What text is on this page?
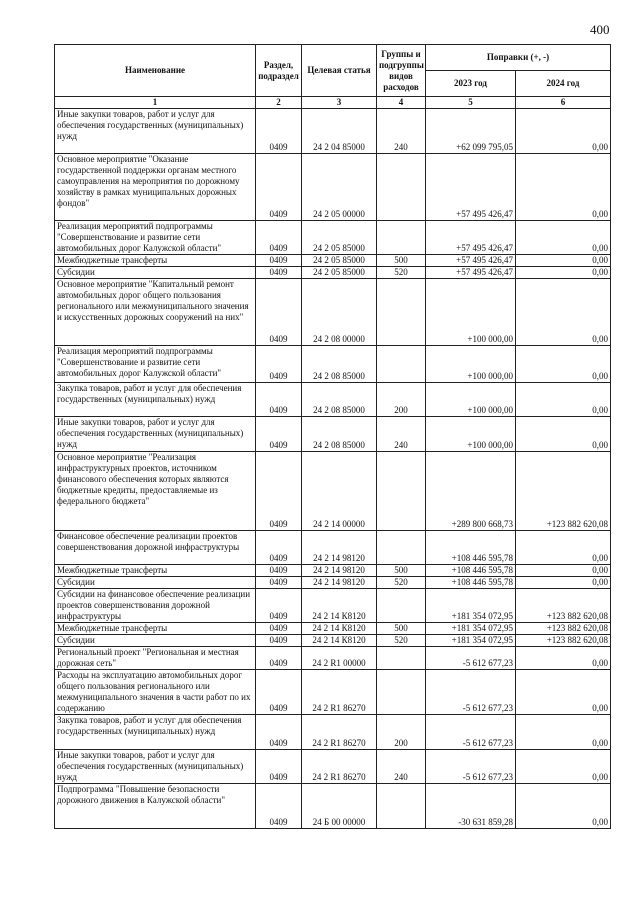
400
Наименование	Раздел, подраздел	Целевая статья	Группы и подгруппы видов расходов	Поправки (+, -)	
				2023 год	2024 год
1	2	3	4	5	6
Иные закупки товаров, работ и услуг для обеспечения государственных (муниципальных) нужд	0409	24 2 04 85000	240	+62 099 795,05	0,00
Основное мероприятие "Оказание государственной поддержки органам местного самоуправления на мероприятия по дорожному хозяйству в рамках муниципальных дорожных фондов"	0409	24 2 05 00000		+57 495 426,47	0,00
Реализация мероприятий подпрограммы "Совершенствование и развитие сети автомобильных дорог Калужской области"	0409	24 2 05 85000		+57 495 426,47	0,00
Межбюджетные трансферты	0409	24 2 05 85000	500	+57 495 426,47	0,00
Субсидии	0409	24 2 05 85000	520	+57 495 426,47	0,00
Основное мероприятие "Капитальный ремонт автомобильных дорог общего пользования регионального или межмуниципального значения и искусственных дорожных сооружений на них"	0409	24 2 08 00000		+100 000,00	0,00
Реализация мероприятий подпрограммы "Совершенствование и развитие сети автомобильных дорог Калужской области"	0409	24 2 08 85000		+100 000,00	0,00
Закупка товаров, работ и услуг для обеспечения государственных (муниципальных) нужд	0409	24 2 08 85000	200	+100 000,00	0,00
Иные закупки товаров, работ и услуг для обеспечения государственных (муниципальных) нужд	0409	24 2 08 85000	240	+100 000,00	0,00
Основное мероприятие "Реализация инфраструктурных проектов, источником финансового обеспечения которых являются бюджетные кредиты, предоставляемые из федерального бюджета"	0409	24 2 14 00000		+289 800 668,73	+123 882 620,08
Финансовое обеспечение реализации проектов совершенствования дорожной инфраструктуры	0409	24 2 14 98120		+108 446 595,78	0,00
Межбюджетные трансферты	0409	24 2 14 98120	500	+108 446 595,78	0,00
Субсидии	0409	24 2 14 98120	520	+108 446 595,78	0,00
Субсидии на финансовое обеспечение реализации проектов совершенствования дорожной инфраструктуры	0409	24 2 14 К8120		+181 354 072,95	+123 882 620,08
Межбюджетные трансферты	0409	24 2 14 К8120	500	+181 354 072,95	+123 882 620,08
Субсидии	0409	24 2 14 К8120	520	+181 354 072,95	+123 882 620,08
Региональный проект "Региональная и местная дорожная сеть"	0409	24 2 R1 00000		-5 612 677,23	0,00
Расходы на эксплуатацию автомобильных дорог общего пользования регионального или межмуниципального значения в части работ по их содержанию	0409	24 2 R1 86270		-5 612 677,23	0,00
Закупка товаров, работ и услуг для обеспечения государственных (муниципальных) нужд	0409	24 2 R1 86270	200	-5 612 677,23	0,00
Иные закупки товаров, работ и услуг для обеспечения государственных (муниципальных) нужд	0409	24 2 R1 86270	240	-5 612 677,23	0,00
Подпрограмма "Повышение безопасности дорожного движения в Калужской области"	0409	24 Б 00 00000		-30 631 859,28	0,00
